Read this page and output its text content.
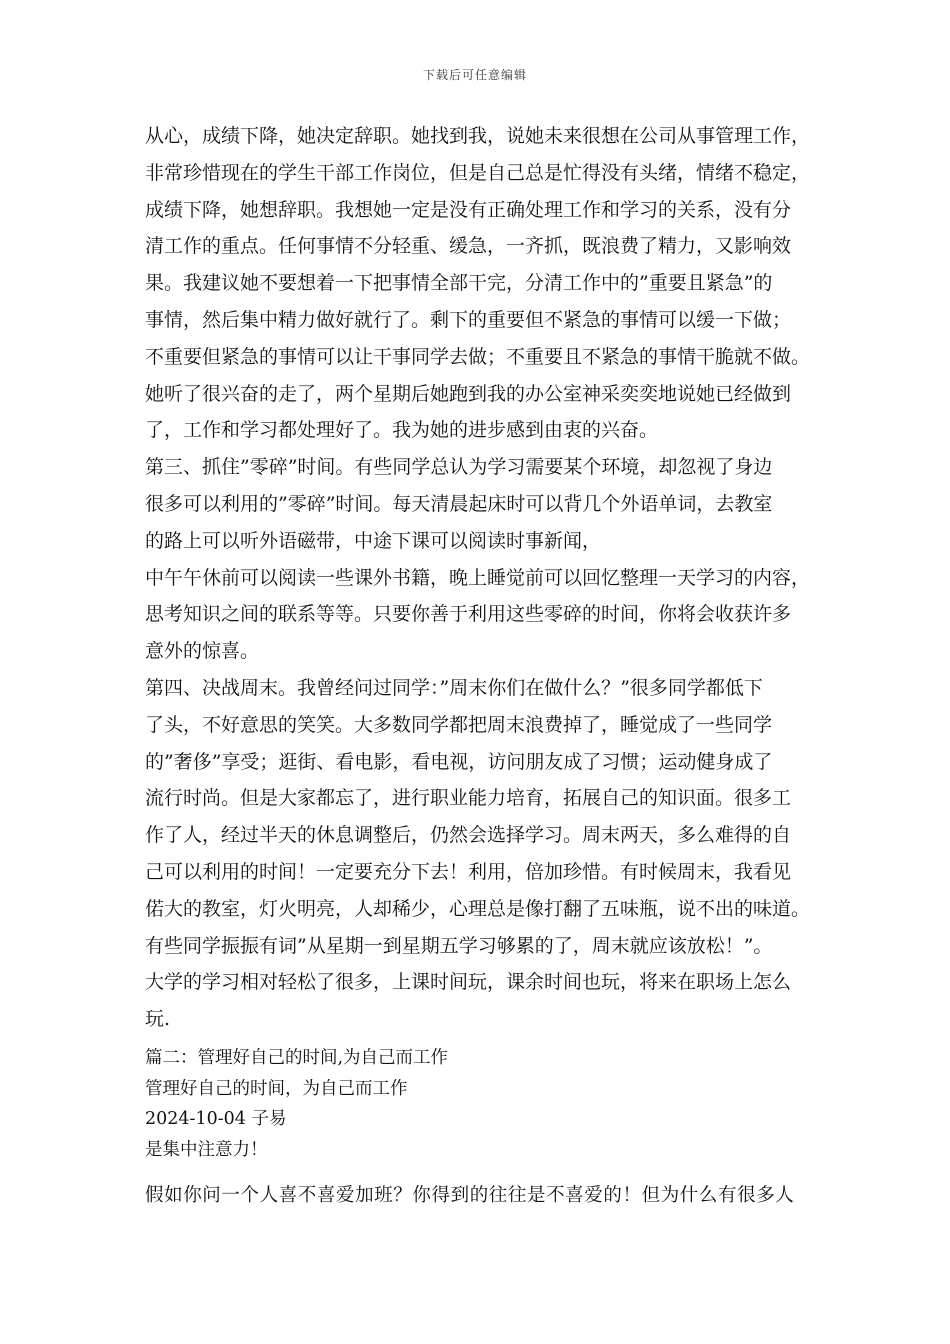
下载后可任意编辑
从心，成绩下降，她决定辞职。她找到我，说她未来很想在公司从事管理工作，
非常珍惜现在的学生干部工作岗位，但是自己总是忙得没有头绪，情绪不稳定，
成绩下降，她想辞职。我想她一定是没有正确处理工作和学习的关系，没有分
清工作的重点。任何事情不分轻重、缓急，一齐抓，既浪费了精力，又影响效
果。我建议她不要想着一下把事情全部干完，分清工作中的”重要且紧急”的
事情，然后集中精力做好就行了。剩下的重要但不紧急的事情可以缓一下做；
不重要但紧急的事情可以让干事同学去做；不重要且不紧急的事情干脆就不做。
她听了很兴奋的走了，两个星期后她跑到我的办公室神采奕奕地说她已经做到
了，工作和学习都处理好了。我为她的进步感到由衷的兴奋。
第三、抓住”零碎”时间。有些同学总认为学习需要某个环境，却忽视了身边
很多可以利用的”零碎”时间。每天清晨起床时可以背几个外语单词，去教室
的路上可以听外语磁带，中途下课可以阅读时事新闻，
中午午休前可以阅读一些课外书籍，晚上睡觉前可以回忆整理一天学习的内容，
思考知识之间的联系等等。只要你善于利用这些零碎的时间，你将会收获许多
意外的惊喜。
第四、决战周末。我曾经问过同学：”周末你们在做什么？”很多同学都低下
了头，不好意思的笑笑。大多数同学都把周末浪费掉了，睡觉成了一些同学
的”奢侈”享受；逛街、看电影，看电视，访问朋友成了习惯；运动健身成了
流行时尚。但是大家都忘了，进行职业能力培育，拓展自己的知识面。很多工
作了人，经过半天的休息调整后，仍然会选择学习。周末两天，多么难得的自
己可以利用的时间！一定要充分下去！利用，倍加珍惜。有时候周末，我看见
偌大的教室，灯火明亮，人却稀少，心理总是像打翻了五味瓶，说不出的味道。
有些同学振振有词”从星期一到星期五学习够累的了，周末就应该放松！”。
大学的学习相对轻松了很多，上课时间玩，课余时间也玩，将来在职场上怎么
玩.
篇二：管理好自己的时间,为自己而工作
管理好自己的时间，为自己而工作
2024-10-04 子易
是集中注意力！
假如你问一个人喜不喜爱加班？你得到的往往是不喜爱的！但为什么有很多人
